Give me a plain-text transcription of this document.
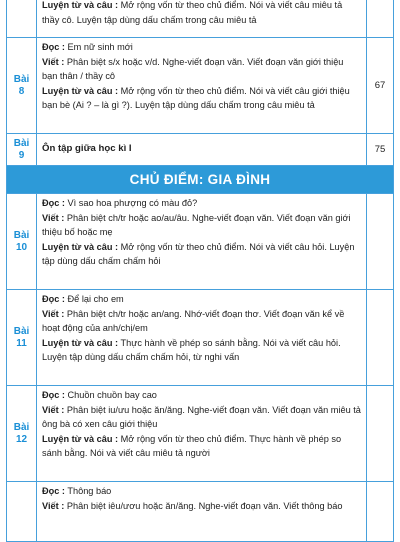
Luyện từ và câu : Mở rộng vốn từ theo chủ điểm. Nói và viết câu miêu tả thầy cô. Luyện tập dùng dấu chấm trong câu miêu tả

Bài
8

Đọc : Em nữ sinh mới

Viết : Phân biệt s/x hoặc v/d. Nghe-viết đoạn văn. Viết đoạn văn giới thiệu bạn thân / thầy cô

Luyện từ và câu : Mở rộng vốn từ theo chủ điểm. Nói và viết câu giới thiệu bạn bè (Ai ? – là gì ?). Luyện tập dùng dấu chấm trong câu miêu tả

67
Bài
9

Ôn tập giữa học kì I	75
CHỦ ĐIỂM: GIA ĐÌNH
Bài
10

Đọc : Vì sao hoa phượng có màu đỏ?

Viết : Phân biệt ch/tr hoặc ao/au/âu. Nghe-viết đoạn văn. Viết đoạn văn giới thiệu bố hoặc mẹ

Luyện từ và câu : Mở rộng vốn từ theo chủ điểm. Nói và viết câu hỏi. Luyện tập dùng dấu chấm chấm hỏi

Bài
11

Đọc : Để lại cho em

Viết : Phân biệt ch/tr hoặc an/ang. Nhớ-viết đoạn thơ. Viết đoạn văn kể về hoạt động của anh/chị/em

Luyện từ và câu : Thực hành về phép so sánh bằng. Nói và viết câu hỏi. Luyện tập dùng dấu chấm chấm hỏi, từ nghi vấn

Bài
12

Đọc : Chuồn chuồn bay cao

Viết : Phân biệt iu/ưu hoặc ăn/ăng. Nghe-viết đoạn văn. Viết đoạn văn miêu tả ông bà có xen câu giới thiệu

Luyện từ và câu : Mở rộng vốn từ theo chủ điểm. Thực hành về phép so sánh bằng. Nói và viết câu miêu tả người

Đọc : Thông báo

Viết : Phân biệt iêu/ươu hoặc ăn/ăng. Nghe-viết đoạn văn. Viết thông báo
